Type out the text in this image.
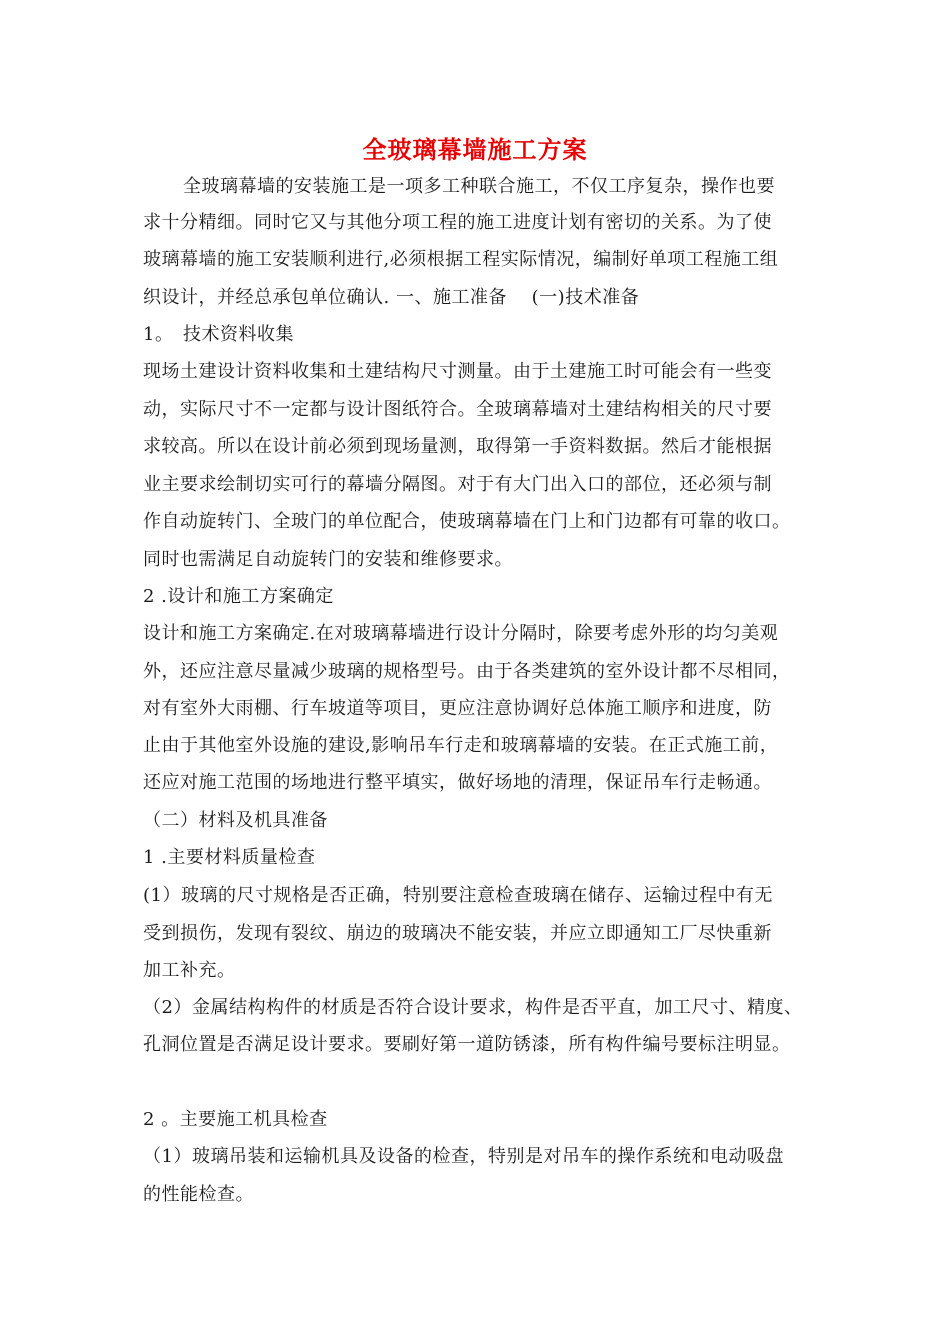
全玻璃幕墙施工方案
全玻璃幕墙的安装施工是一项多工种联合施工，不仅工序复杂，操作也要
求十分精细。同时它又与其他分项工程的施工进度计划有密切的关系。为了使
玻璃幕墙的施工安装顺利进行,必须根据工程实际情况，编制好单项工程施工组
织设计，并经总承包单位确认. 一、施工准备　 (一)技术准备
1。　技术资料收集
现场土建设计资料收集和土建结构尺寸测量。由于土建施工时可能会有一些变
动，实际尺寸不一定都与设计图纸符合。全玻璃幕墙对土建结构相关的尺寸要
求较高。所以在设计前必须到现场量测，取得第一手资料数据。然后才能根据
业主要求绘制切实可行的幕墙分隔图。对于有大门出入口的部位，还必须与制
作自动旋转门、全玻门的单位配合，使玻璃幕墙在门上和门边都有可靠的收口。
同时也需满足自动旋转门的安装和维修要求。
2 .设计和施工方案确定
设计和施工方案确定.在对玻璃幕墙进行设计分隔时，除要考虑外形的均匀美观
外，还应注意尽量减少玻璃的规格型号。由于各类建筑的室外设计都不尽相同，
对有室外大雨棚、行车坡道等项目，更应注意协调好总体施工顺序和进度，防
止由于其他室外设施的建设,影响吊车行走和玻璃幕墙的安装。在正式施工前，
还应对施工范围的场地进行整平填实，做好场地的清理，保证吊车行走畅通。
（二）材料及机具准备
1 .主要材料质量检查
(1）玻璃的尺寸规格是否正确，特别要注意检查玻璃在储存、运输过程中有无
受到损伤，发现有裂纹、崩边的玻璃决不能安装，并应立即通知工厂尽快重新
加工补充。
（2）金属结构构件的材质是否符合设计要求，构件是否平直，加工尺寸、精度、
孔洞位置是否满足设计要求。要刷好第一道防锈漆，所有构件编号要标注明显。
2 。主要施工机具检查
（1）玻璃吊装和运输机具及设备的检查，特别是对吊车的操作系统和电动吸盘
的性能检查。
